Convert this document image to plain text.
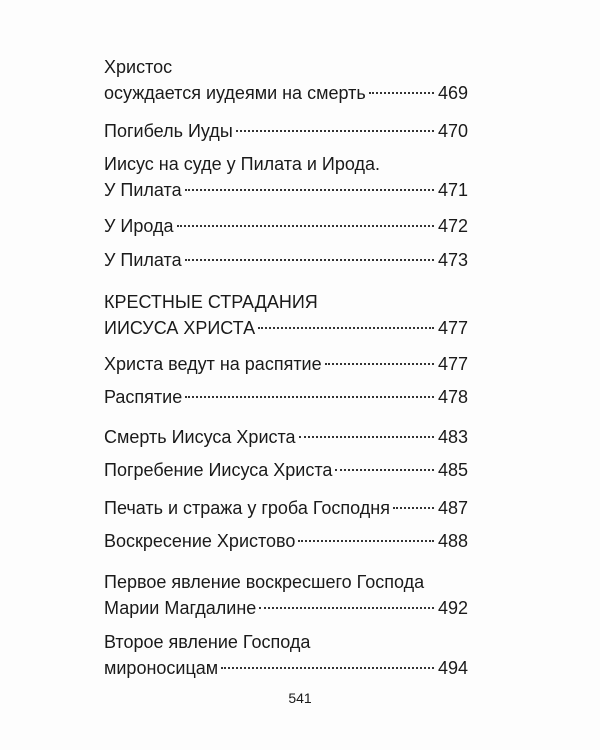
Христос
осуждается иудеями на смерть	469
Погибель Иуды	470
Иисус на суде у Пилата и Ирода.
У Пилата	471
У Ирода	472
У Пилата	473
КРЕСТНЫЕ СТРАДАНИЯ
ИИСУСА ХРИСТА	477
Христа ведут на распятие	477
Распятие	478
Смерть Иисуса Христа	483
Погребение Иисуса Христа	485
Печать и стража у гроба Господня	487
Воскресение Христово	488
Первое явление воскресшего Господа
Марии Магдалине	492
Второе явление Господа
мироносицам	494
541
